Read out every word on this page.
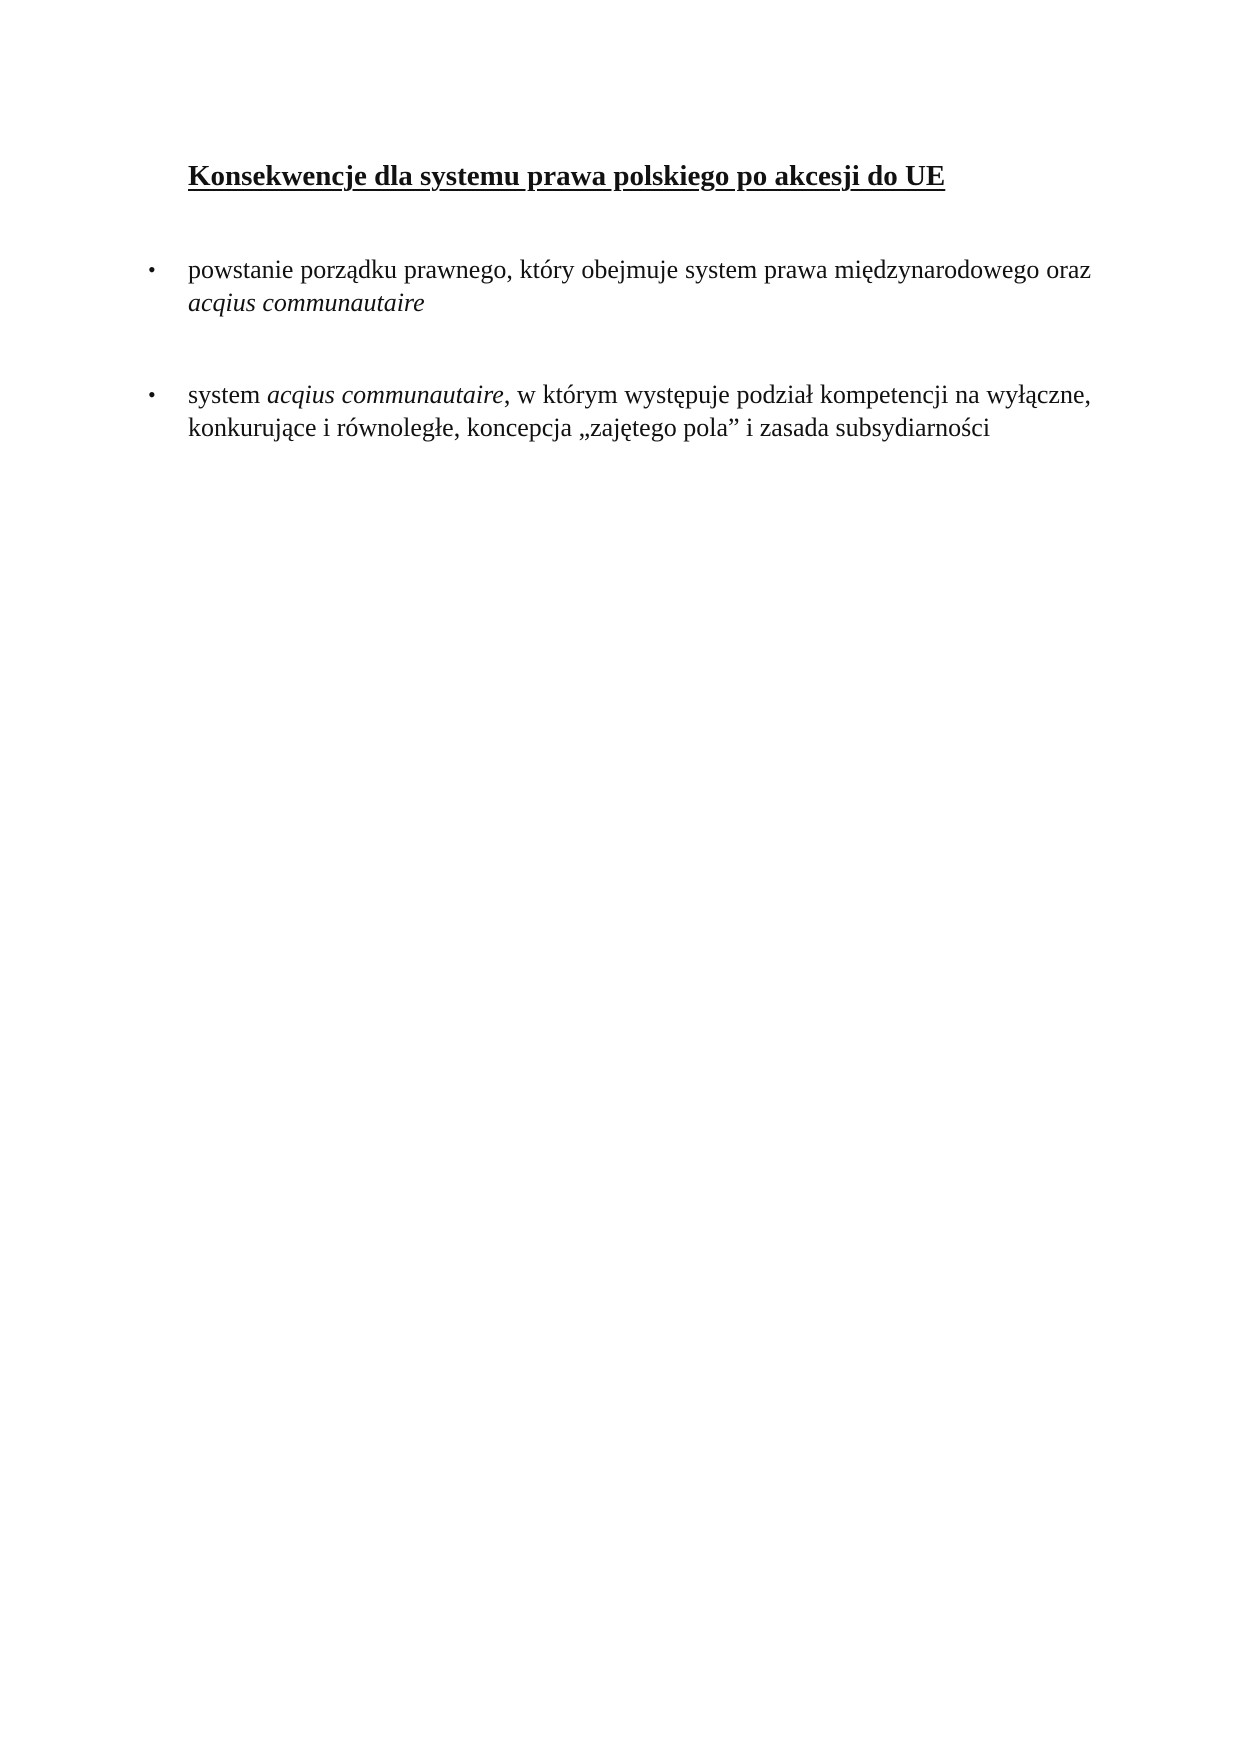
Konsekwencje dla systemu prawa polskiego po akcesji do UE
•	powstanie porządku prawnego, który obejmuje system prawa międzynarodowego oraz acqius communautaire
•	system acqius communautaire, w którym występuje podział kompetencji na wyłączne, konkurujące i równoległe, koncepcja „zajętego pola” i zasada subsydiarności
